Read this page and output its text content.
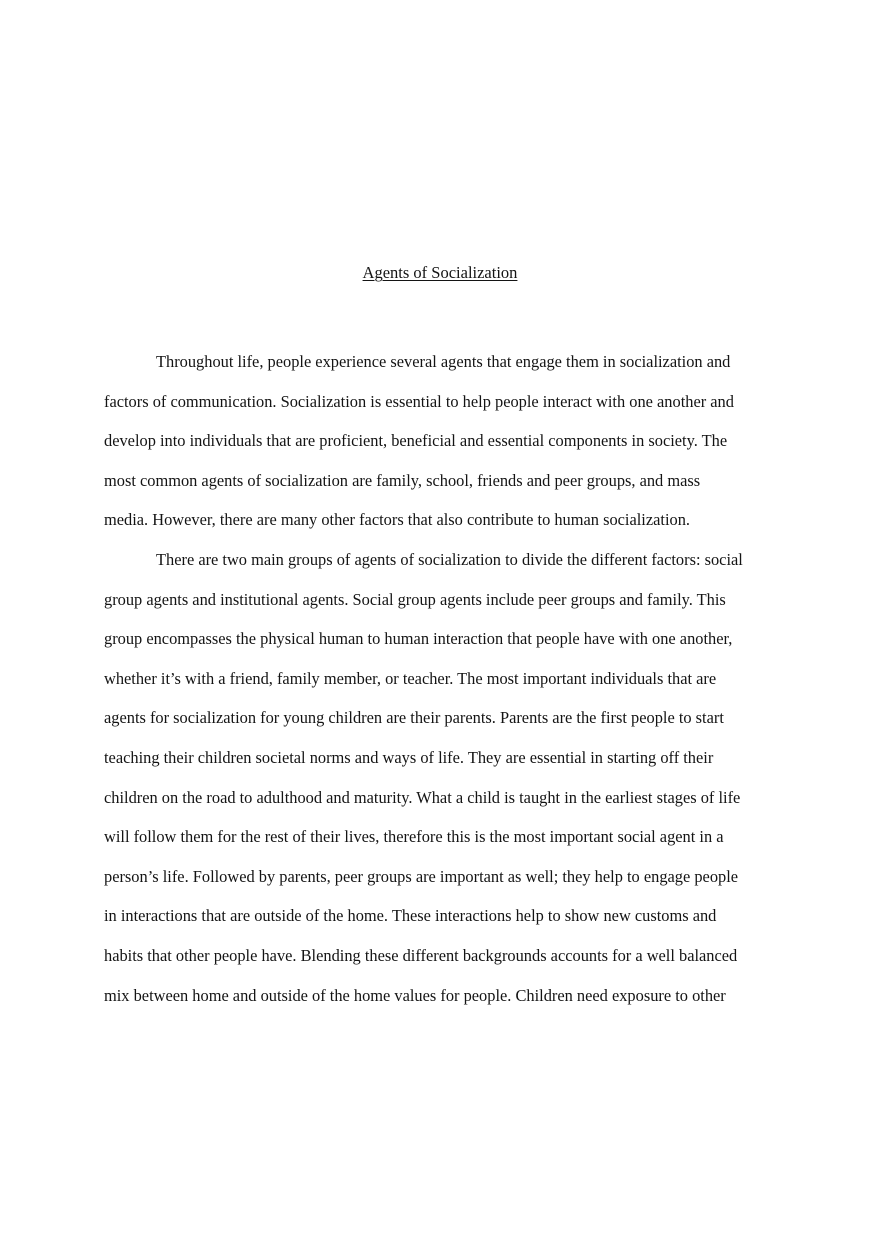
Agents of Socialization
Throughout life, people experience several agents that engage them in socialization and
factors of communication. Socialization is essential to help people interact with one another and
develop into individuals that are proficient, beneficial and essential components in society. The
most common agents of socialization are family, school, friends and peer groups, and mass
media. However, there are many other factors that also contribute to human socialization.
There are two main groups of agents of socialization to divide the different factors: social
group agents and institutional agents. Social group agents include peer groups and family. This
group encompasses the physical human to human interaction that people have with one another,
whether it’s with a friend, family member, or teacher. The most important individuals that are
agents for socialization for young children are their parents. Parents are the first people to start
teaching their children societal norms and ways of life. They are essential in starting off their
children on the road to adulthood and maturity. What a child is taught in the earliest stages of life
will follow them for the rest of their lives, therefore this is the most important social agent in a
person’s life. Followed by parents, peer groups are important as well; they help to engage people
in interactions that are outside of the home. These interactions help to show new customs and
habits that other people have. Blending these different backgrounds accounts for a well balanced
mix between home and outside of the home values for people. Children need exposure to other
